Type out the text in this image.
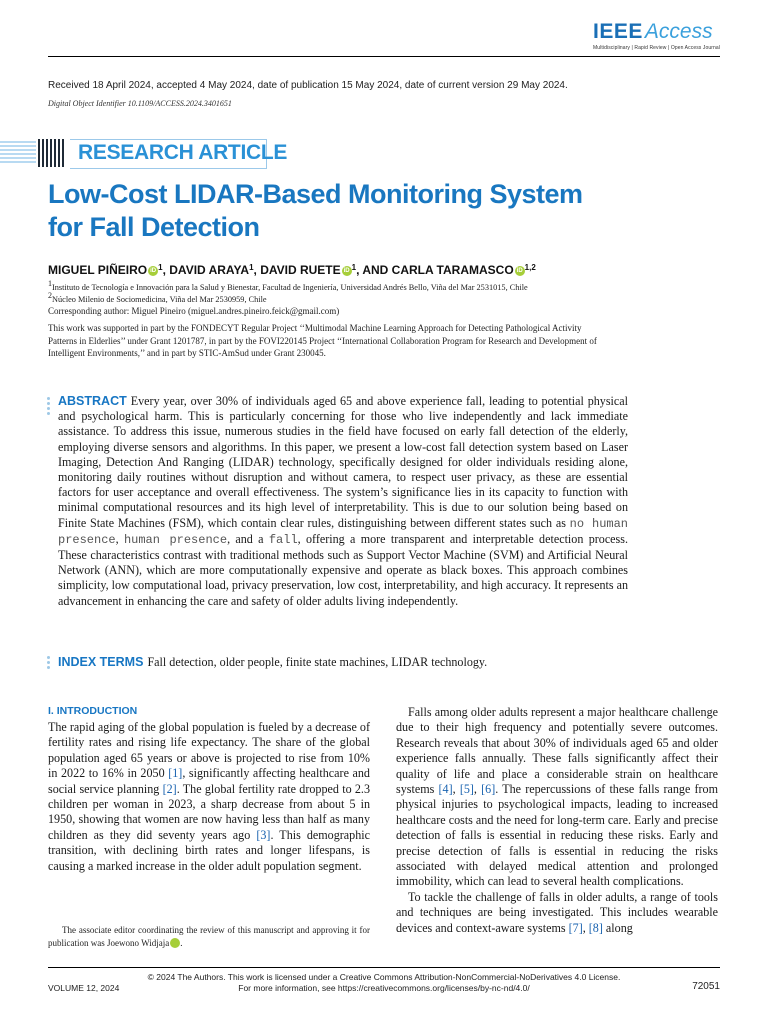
IEEEAccess
Multidisciplinary | Rapid Review | Open Access Journal
Received 18 April 2024, accepted 4 May 2024, date of publication 15 May 2024, date of current version 29 May 2024.
Digital Object Identifier 10.1109/ACCESS.2024.3401651
RESEARCH ARTICLE
Low-Cost LIDAR-Based Monitoring System for Fall Detection
MIGUEL PIÑEIRO iD $^1$, DAVID ARAYA$^1$, DAVID RUETE iD $^1$, AND CARLA TARAMASCO iD $^{1,2}$
1Instituto de Tecnología e Innovación para la Salud y Bienestar, Facultad de Ingeniería, Universidad Andrés Bello, Viña del Mar 2531015, Chile
2Núcleo Milenio de Sociomedicina, Viña del Mar 2530959, Chile
Corresponding author: Miguel Pineiro (miguel.andres.pineiro.feick@gmail.com)
This work was supported in part by the FONDECYT Regular Project ‘‘Multimodal Machine Learning Approach for Detecting Pathological Activity Patterns in Elderlies’’ under Grant 1201787, in part by the FOVI220145 Project ‘‘International Collaboration Program for Research and Development of Intelligent Environments,’’ and in part by STIC-AmSud under Grant 230045.
ABSTRACT Every year, over 30% of individuals aged 65 and above experience fall, leading to potential physical and psychological harm. This is particularly concerning for those who live independently and lack immediate assistance. To address this issue, numerous studies in the field have focused on early fall detection of the elderly, employing diverse sensors and algorithms. In this paper, we present a low-cost fall detection system based on Laser Imaging, Detection And Ranging (LIDAR) technology, specifically designed for older individuals residing alone, monitoring daily routines without disruption and without camera, to respect user privacy, as these are essential factors for user acceptance and overall effectiveness. The system’s significance lies in its capacity to function with minimal computational resources and its high level of interpretability. This is due to our solution being based on Finite State Machines (FSM), which contain clear rules, distinguishing between different states such as no human presence, human presence, and a fall, offering a more transparent and interpretable detection process. These characteristics contrast with traditional methods such as Support Vector Machine (SVM) and Artificial Neural Network (ANN), which are more computationally expensive and operate as black boxes. This approach combines simplicity, low computational load, privacy preservation, low cost, interpretability, and high accuracy. It represents an advancement in enhancing the care and safety of older adults living independently.
INDEX TERMS Fall detection, older people, finite state machines, LIDAR technology.
I. INTRODUCTION
The rapid aging of the global population is fueled by a decrease of fertility rates and rising life expectancy. The share of the global population aged 65 years or above is projected to rise from 10% in 2022 to 16% in 2050 [1], significantly affecting healthcare and social service planning [2]. The global fertility rate dropped to 2.3 children per woman in 2023, a sharp decrease from about 5 in 1950, showing that women are now having less than half as many children as they did seventy years ago [3]. This demographic transition, with declining birth rates and longer lifespans, is causing a marked increase in the older adult population segment.

Falls among older adults represent a major healthcare challenge due to their high frequency and potentially severe outcomes. Research reveals that about 30% of individuals aged 65 and older experience falls annually. These falls significantly affect their quality of life and place a considerable strain on healthcare systems [4], [5], [6]. The repercussions of these falls range from physical injuries to psychological impacts, leading to increased healthcare costs and the need for long-term care. Early and precise detection of falls is essential in reducing these risks. Early and precise detection of falls is essential in reducing the risks associated with delayed medical attention and prolonged immobility, which can lead to several health complications.

To tackle the challenge of falls in older adults, a range of tools and techniques are being investigated. This includes wearable devices and context-aware systems [7], [8] along

The associate editor coordinating the review of this manuscript and approving it for publication was Joewono Widjaja	iD.
© 2024 The Authors. This work is licensed under a Creative Commons Attribution-NonCommercial-NoDerivatives 4.0 License.
For more information, see https://creativecommons.org/licenses/by-nc-nd/4.0/
VOLUME 12, 2024	72051
